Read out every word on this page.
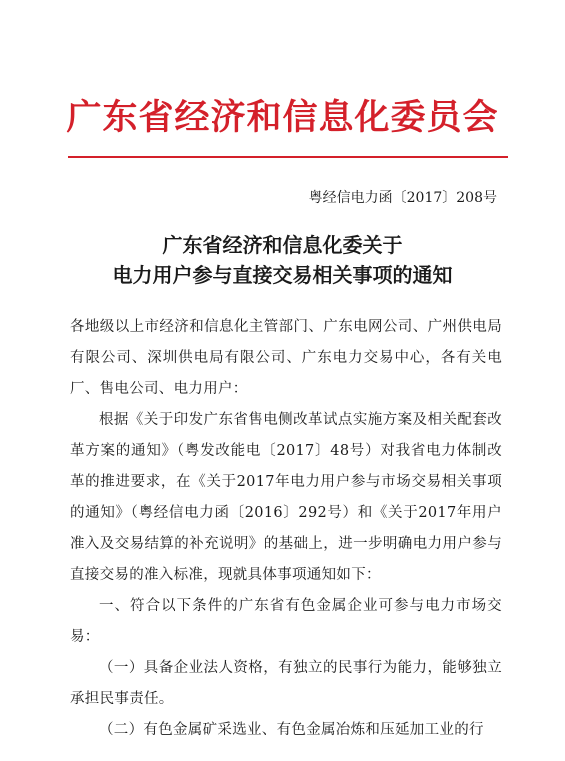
广东省经济和信息化委员会
粤经信电力函〔2017〕208号
广东省经济和信息化委关于
电力用户参与直接交易相关事项的通知

各地级以上市经济和信息化主管部门、广东电网公司、广州供电局有限公司、深圳供电局有限公司、广东电力交易中心，各有关电厂、售电公司、电力用户：

根据《关于印发广东省售电侧改革试点实施方案及相关配套改革方案的通知》（粤发改能电〔2017〕48号）对我省电力体制改革的推进要求，在《关于2017年电力用户参与市场交易相关事项的通知》（粤经信电力函〔2016〕292号）和《关于2017年用户准入及交易结算的补充说明》的基础上，进一步明确电力用户参与直接交易的准入标准，现就具体事项通知如下：

一、符合以下条件的广东省有色金属企业可参与电力市场交易：

（一）具备企业法人资格，有独立的民事行为能力，能够独立承担民事责任。

（二）有色金属矿采选业、有色金属冶炼和压延加工业的行
